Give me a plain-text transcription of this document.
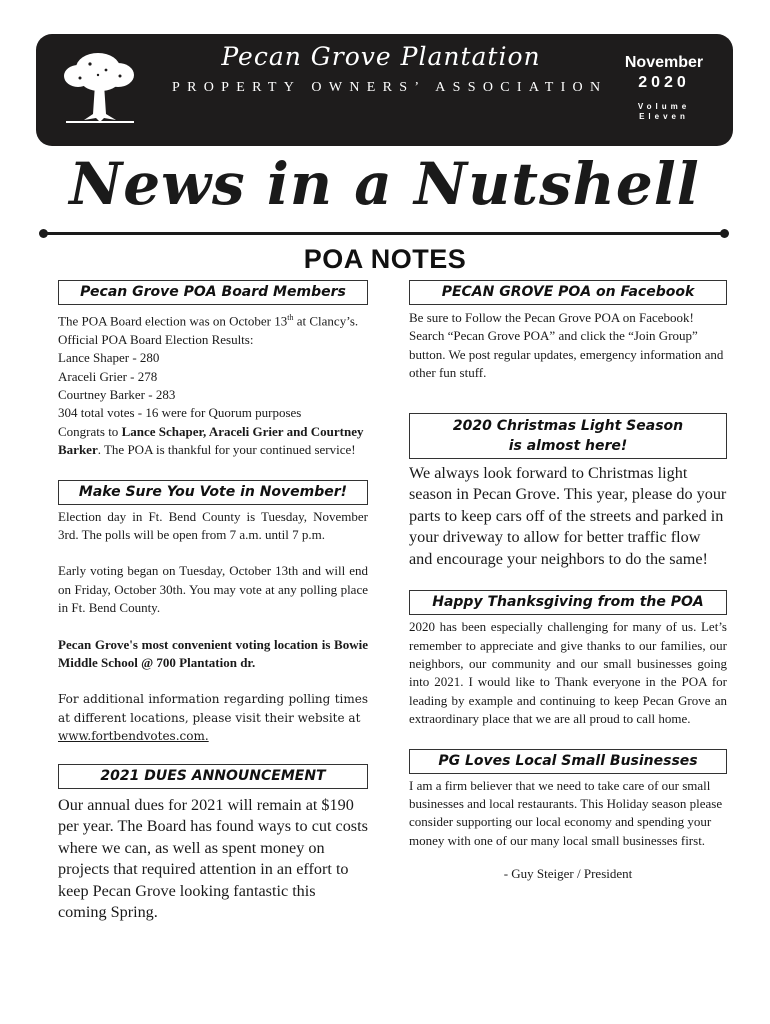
Pecan Grove Plantation
PROPERTY OWNERS’ ASSOCIATION
November
2020
Volume
Eleven
News in a Nutshell
POA NOTES
Pecan Grove POA Board Members

The POA Board election was on October 13th at Clancy’s.

Official POA Board Election Results:

Lance Shaper - 280

Araceli Grier - 278

Courtney Barker - 283

304 total votes - 16 were for Quorum purposes

Congrats to Lance Schaper, Araceli Grier and Courtney Barker. The POA is thankful for your continued service!

Make Sure You Vote in November!

Election day in Ft. Bend County is Tuesday, November 3rd. The polls will be open from 7 a.m. until 7 p.m.

Early voting began on Tuesday, October 13th and will end on Friday, October 30th. You may vote at any polling place in Ft. Bend County.

Pecan Grove's most convenient voting location is Bowie Middle School @ 700 Plantation dr.

For additional information regarding polling times at different locations, please visit their website at

www.fortbendvotes.com.

2021 DUES ANNOUNCEMENT
Our annual dues for 2021 will remain at $190 per year. The Board has found ways to cut costs where we can, as well as spent money on projects that required attention in an effort to keep Pecan Grove looking fantastic this coming Spring.
PECAN GROVE POA on Facebook
Be sure to Follow the Pecan Grove POA on Facebook! Search “Pecan Grove POA” and click the “Join Group” button. We post regular updates, emergency information and other fun stuff.
2020 Christmas Light Season is almost here!
We always look forward to Christmas light season in Pecan Grove. This year, please do your parts to keep cars off of the streets and parked in your driveway to allow for better traffic flow and encourage your neighbors to do the same!
Happy Thanksgiving from the POA
2020 has been especially challenging for many of us. Let’s remember to appreciate and give thanks to our families, our neighbors, our community and our small businesses going into 2021. I would like to Thank everyone in the POA for leading by example and continuing to keep Pecan Grove an extraordinary place that we are all proud to call home.
PG Loves Local Small Businesses
I am a firm believer that we need to take care of our small businesses and local restaurants. This Holiday season please consider supporting our local economy and spending your money with one of our many local small businesses first.
- Guy Steiger / President
